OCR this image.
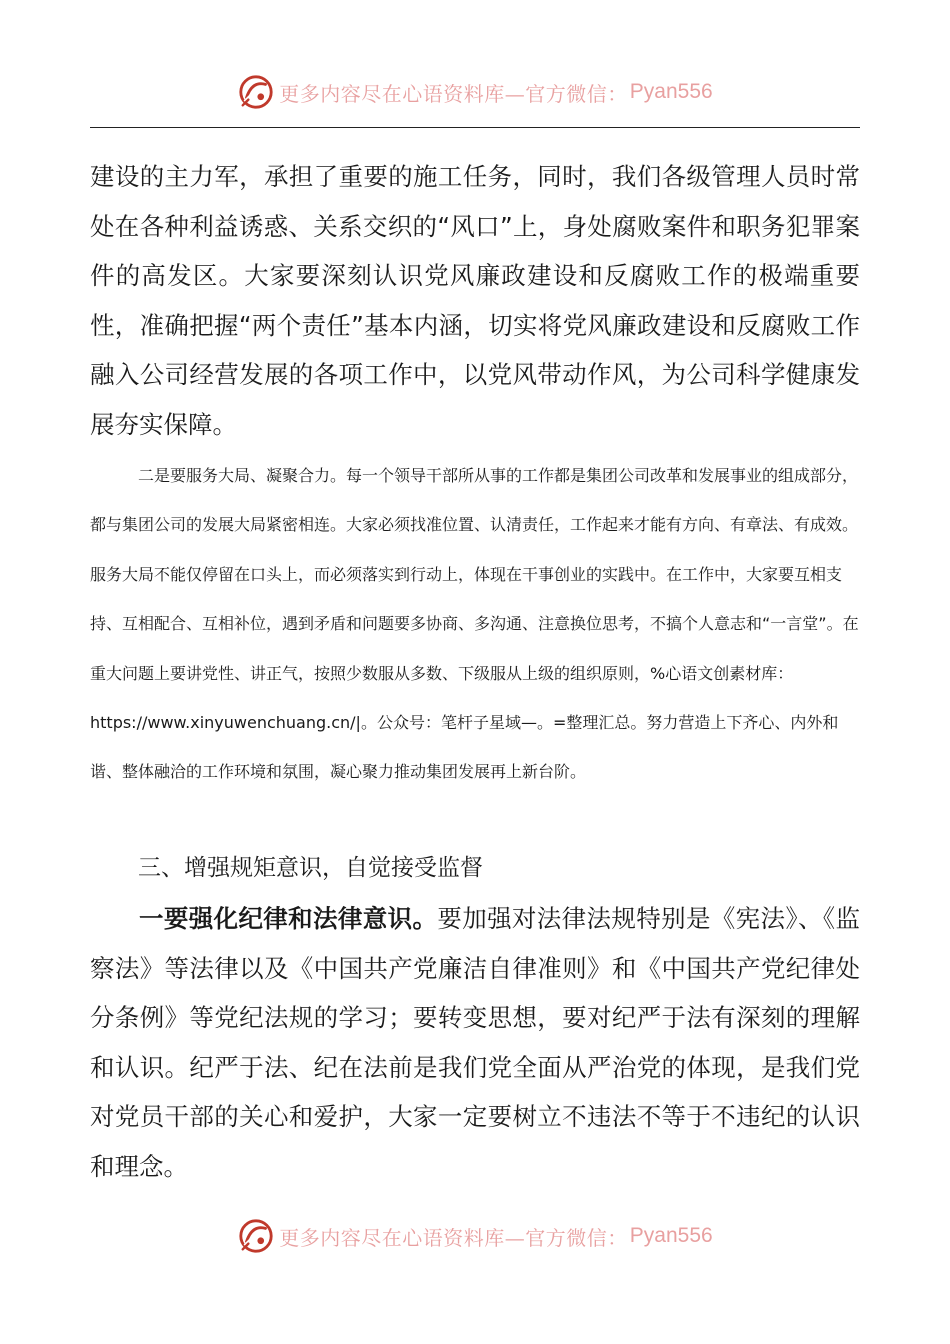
更多内容尽在心语资料库—官方微信： Pyan556

建设的主力军，承担了重要的施工任务，同时，我们各级管理人员时常处在各种利益诱惑、关系交织的“风口”上，身处腐败案件和职务犯罪案件的高发区。大家要深刻认识党风廉政建设和反腐败工作的极端重要性，准确把握“两个责任”基本内涵，切实将党风廉政建设和反腐败工作融入公司经营发展的各项工作中，以党风带动作风，为公司科学健康发展夯实保障。

二是要服务大局、凝聚合力。每一个领导干部所从事的工作都是集团公司改革和发展事业的组成部分，都与集团公司的发展大局紧密相连。大家必须找准位置、认清责任，工作起来才能有方向、有章法、有成效。服务大局不能仅停留在口头上，而必须落实到行动上，体现在干事创业的实践中。在工作中，大家要互相支持、互相配合、互相补位，遇到矛盾和问题要多协商、多沟通、注意换位思考，不搞个人意志和“一言堂”。在重大问题上要讲党性、讲正气，按照少数服从多数、下级服从上级的组织原则，%心语文创素材库：https://www.xinyuwenchuang.cn/|。公众号：笔杆子星域—。=整理汇总。努力营造上下齐心、内外和谐、整体融洽的工作环境和氛围，凝心聚力推动集团发展再上新台阶。

三、增强规矩意识，自觉接受监督

一要强化纪律和法律意识。要加强对法律法规特别是《宪法》、《监察法》等法律以及《中国共产党廉洁自律准则》和《中国共产党纪律处分条例》等党纪法规的学习；要转变思想，要对纪严于法有深刻的理解和认识。纪严于法、纪在法前是我们党全面从严治党的体现，是我们党对党员干部的关心和爱护，大家一定要树立不违法不等于不违纪的认识和理念。

更多内容尽在心语资料库—官方微信： Pyan556
